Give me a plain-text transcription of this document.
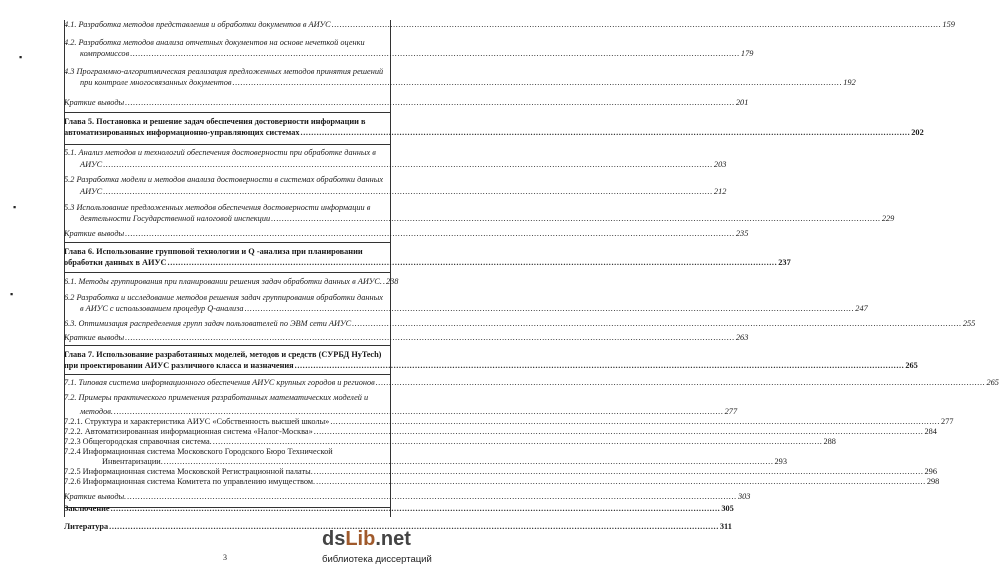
4.1. Разработка методов представления и обработки документов в АИУС .....	159
4.2. Разработка методов анализа отчетных документов на основе нечеткой оценки
компромиссов .....	179
4.3 Программно-алгоритмическая реализация предложенных методов принятия решений
при контроле многосвязанных документов .....	192
Краткие выводы .....	201
Глава 5. Постановка и решение задач обеспечения достоверности информации в
автоматизированных информационно-управляющих системах .....	202
5.1. Анализ методов и технологий обеспечения достоверности при обработке данных в
АИУС .....	203
5.2 Разработка модели и методов анализа достоверности в системах обработки данных
АИУС .....	212
5.3 Использование предложенных методов обеспечения достоверности информации в
деятельности Государственной налоговой инспекции .....	229
Краткие выводы .....	235
Глава 6. Использование групповой технологии и Q -анализа при планировании
обработки данных в АИУС .....	237
6.1. Методы группирования при планировании решения задач обработки данных в АИУС. ..... 238
6.2 Разработка и исследование методов решения задач группирования обработки данных
в АИУС с использованием процедур Q-анализа .....	247
6.3. Оптимизация распределения групп задач пользователей по ЭВМ сети АИУС .....	255
Краткие выводы .....	263
Глава 7. Использование разработанных моделей, методов и средств (СУРБД HyTech)
при проектировании АИУС различного класса и назначения .....	265
7.1. Типовая система информационного обеспечения АИУС крупных городов и регионов .....	265
7.2. Примеры практического применения разработанных математических моделей и
методов. .....	277
7.2.1. Структура и характеристика АИУС «Собственность высшей школы» .....	277
7.2.2. Автоматизированная информационная система «Налог-Москва» .....	284
7.2.3 Общегородская справочная система. .....	288
7.2.4 Информационная система Московского Городского Бюро Технической
Инвентаризации. .....	293
7.2.5 Информационная система Московской Регистрационной палаты. .....	296
7.2.6 Информационная система Комитета по управлению имуществом. .....	298
Краткие выводы. .....	303
Заключение .....	305
Литература .....	311
▪
▪
▪
3
dsLib.net
библиотека диссертаций
